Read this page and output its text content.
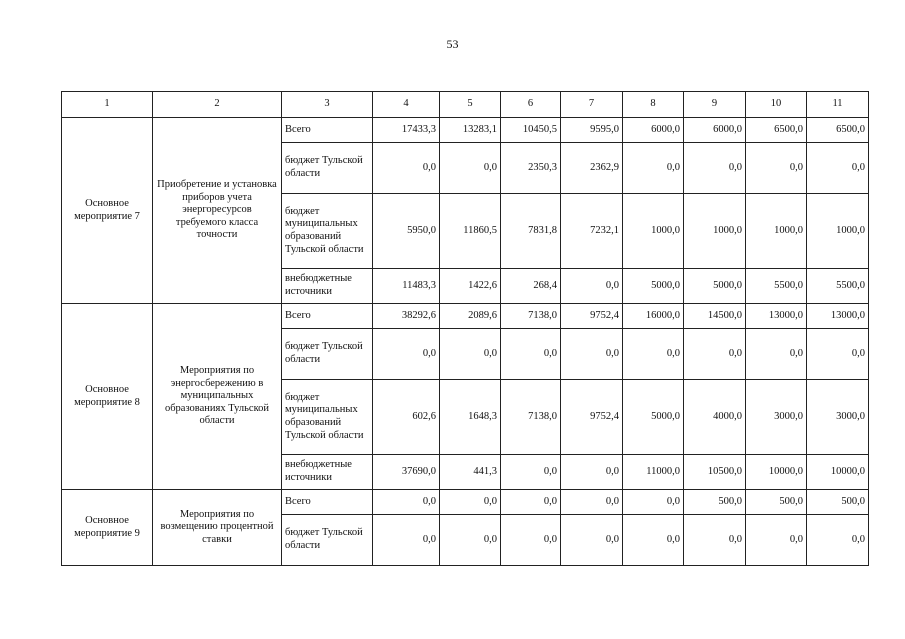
53
1	2	3	4	5	6	7	8	9	10	11
Основное мероприятие 7	Приобретение и установка приборов учета энергоресурсов требуемого класса точности	Всего	17433,3	13283,1	10450,5	9595,0	6000,0	6000,0	6500,0	6500,0
		бюджет Тульской области	0,0	0,0	2350,3	2362,9	0,0	0,0	0,0	0,0
		бюджет муниципальных образований Тульской области	5950,0	11860,5	7831,8	7232,1	1000,0	1000,0	1000,0	1000,0
		внебюджетные источники	11483,3	1422,6	268,4	0,0	5000,0	5000,0	5500,0	5500,0
Основное мероприятие 8	Мероприятия по энергосбережению в муниципальных образованиях Тульской области	Всего	38292,6	2089,6	7138,0	9752,4	16000,0	14500,0	13000,0	13000,0
		бюджет Тульской области	0,0	0,0	0,0	0,0	0,0	0,0	0,0	0,0
		бюджет муниципальных образований Тульской области	602,6	1648,3	7138,0	9752,4	5000,0	4000,0	3000,0	3000,0
		внебюджетные источники	37690,0	441,3	0,0	0,0	11000,0	10500,0	10000,0	10000,0
Основное мероприятие 9	Мероприятия по возмещению процентной ставки	Всего	0,0	0,0	0,0	0,0	0,0	500,0	500,0	500,0
		бюджет Тульской области	0,0	0,0	0,0	0,0	0,0	0,0	0,0	0,0
